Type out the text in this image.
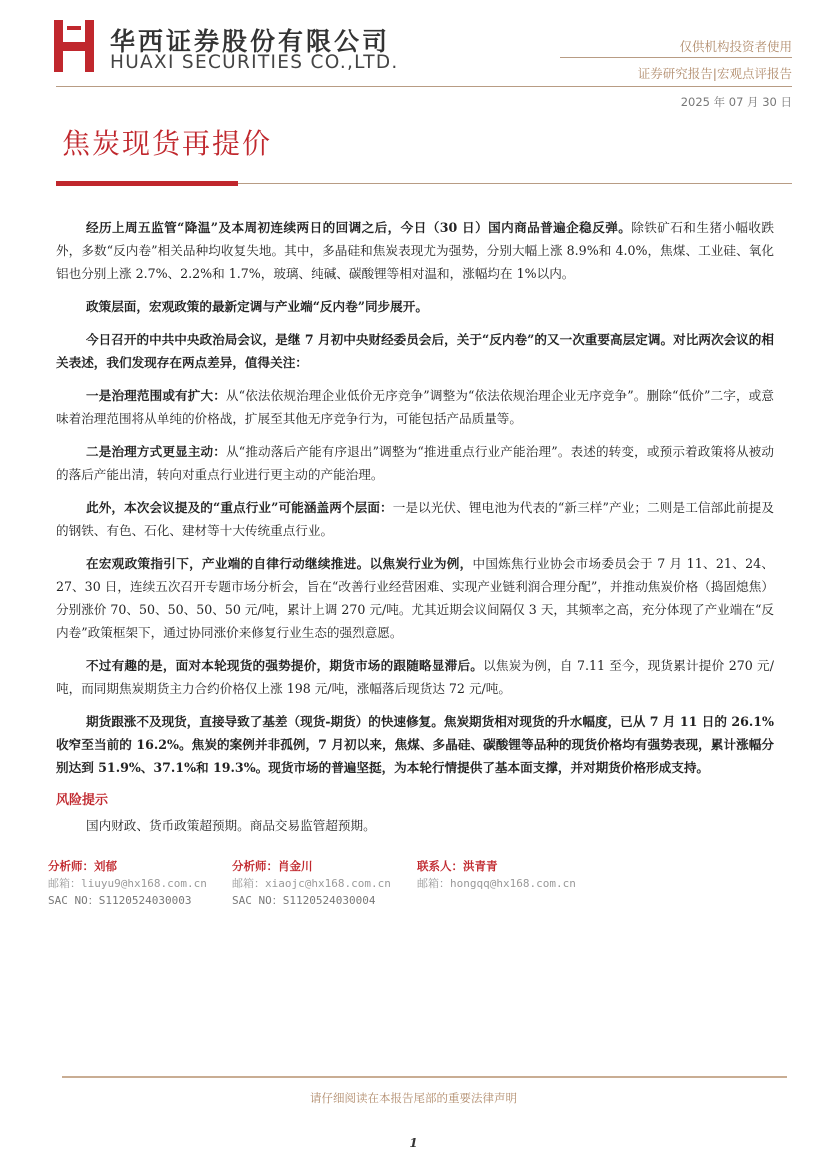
华西证券股份有限公司
HUAXI SECURITIES CO.,LTD.
仅供机构投资者使用
证券研究报告|宏观点评报告
2025 年 07 月 30 日
焦炭现货再提价

经历上周五监管“降温”及本周初连续两日的回调之后，今日（30 日）国内商品普遍企稳反弹。除铁矿石和生猪小幅收跌外，多数“反内卷”相关品种均收复失地。其中，多晶硅和焦炭表现尤为强势，分别大幅上涨 8.9%和 4.0%，焦煤、工业硅、氧化铝也分别上涨 2.7%、2.2%和 1.7%，玻璃、纯碱、碳酸锂等相对温和，涨幅均在 1%以内。

政策层面，宏观政策的最新定调与产业端“反内卷”同步展开。

今日召开的中共中央政治局会议，是继 7 月初中央财经委员会后，关于“反内卷”的又一次重要高层定调。对比两次会议的相关表述，我们发现存在两点差异，值得关注：

一是治理范围或有扩大：从“依法依规治理企业低价无序竞争”调整为“依法依规治理企业无序竞争”。删除“低价”二字，或意味着治理范围将从单纯的价格战，扩展至其他无序竞争行为，可能包括产品质量等。

二是治理方式更显主动：从“推动落后产能有序退出”调整为“推进重点行业产能治理”。表述的转变，或预示着政策将从被动的落后产能出清，转向对重点行业进行更主动的产能治理。

此外，本次会议提及的“重点行业”可能涵盖两个层面：一是以光伏、锂电池为代表的“新三样”产业；二则是工信部此前提及的钢铁、有色、石化、建材等十大传统重点行业。

在宏观政策指引下，产业端的自律行动继续推进。以焦炭行业为例，中国炼焦行业协会市场委员会于 7 月 11、21、24、27、30 日，连续五次召开专题市场分析会，旨在“改善行业经营困难、实现产业链利润合理分配”，并推动焦炭价格（捣固熄焦）分别涨价 70、50、50、50、50 元/吨，累计上调 270 元/吨。尤其近期会议间隔仅 3 天，其频率之高，充分体现了产业端在“反内卷”政策框架下，通过协同涨价来修复行业生态的强烈意愿。

不过有趣的是，面对本轮现货的强势提价，期货市场的跟随略显滞后。以焦炭为例，自 7.11 至今，现货累计提价 270 元/吨，而同期焦炭期货主力合约价格仅上涨 198 元/吨，涨幅落后现货达 72 元/吨。

期货跟涨不及现货，直接导致了基差（现货-期货）的快速修复。焦炭期货相对现货的升水幅度，已从 7 月 11 日的 26.1%收窄至当前的 16.2%。焦炭的案例并非孤例，7 月初以来，焦煤、多晶硅、碳酸锂等品种的现货价格均有强势表现，累计涨幅分别达到 51.9%、37.1%和 19.3%。现货市场的普遍坚挺，为本轮行情提供了基本面支撑，并对期货价格形成支持。

风险提示

国内财政、货币政策超预期。商品交易监管超预期。

分析师：刘郁
邮箱：liuyu9@hx168.com.cn
SAC NO：S1120524030003
分析师：肖金川
邮箱：xiaojc@hx168.com.cn
SAC NO：S1120524030004
联系人：洪青青
邮箱：hongqq@hx168.com.cn
请仔细阅读在本报告尾部的重要法律声明
1
